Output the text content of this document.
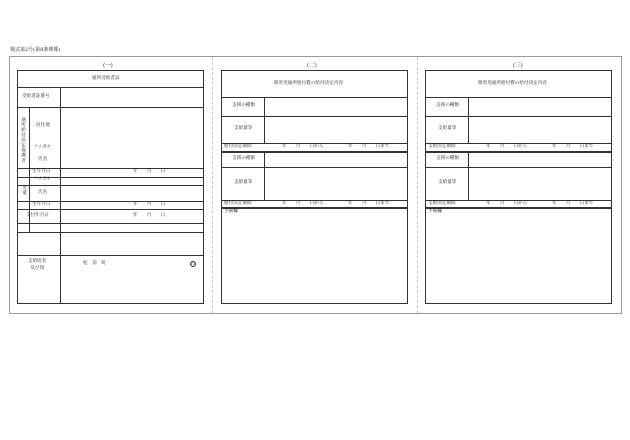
様式第2号(第8条関係)
(一)	(二)	(三)
通所受給者証
受給者証番号
通所給付決定保護者 居住地
フリガナ
氏名
生年月日	年　　月　　日
児童
フリガナ
氏名
生年月日	年　　月　　日
交付年月日	年　　月　　日
支給町名
及び印
松　前　町	印
障害児通所給付費の給付決定内容
支援の種類
支給量等
給付決定期間	年　　月　　日から	年　　月　　日まで
支援の種類
支給量等
給付決定期間	年　　月　　日から	年　　月　　日まで
予備欄
障害児通所給付費の給付決定内容
支援の種類
支給量等
支給決定期間	年　　月　　日から	年　　月　　日まで
支援の種類
支給量等
支給決定期間	年　　月　　日から	年　　月　　日まで
予備欄
